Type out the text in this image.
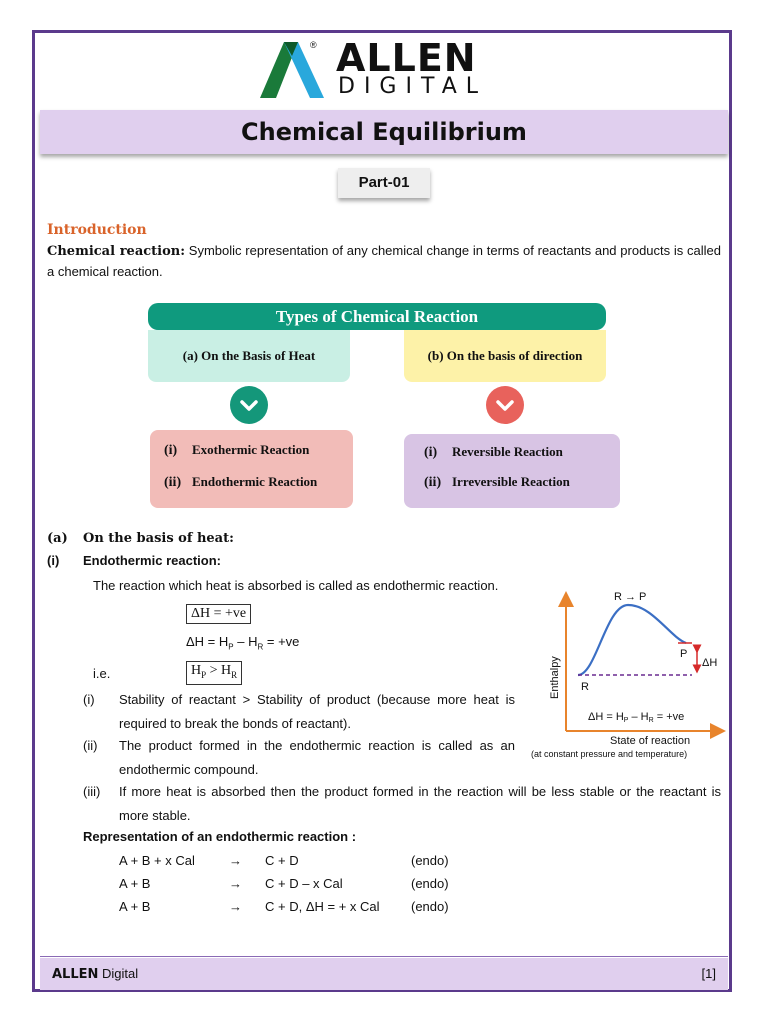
® ALLEN
DIGITAL
Chemical Equilibrium
Part-01
Introduction
Chemical reaction: Symbolic representation of any chemical change in terms of reactants and products is called a chemical reaction.
Types of Chemical Reaction
(a) On the Basis of Heat	(b) On the basis of direction
(i) Exothermic Reaction
(ii) Endothermic Reaction
(i) Reversible Reaction
(ii) Irreversible Reaction
(a) On the basis of heat:
(i) Endothermic reaction:
The reaction which heat is absorbed is called as endothermic reaction.
ΔH = +ve
$\Delta H = H_P - H_R = +ve$
i.e.	$H_P > H_R$
(i) Stability of reactant > Stability of product (because more heat is required to break the bonds of reactant).
(ii) The product formed in the endothermic reaction is called as an endothermic compound.
(iii) If more heat is absorbed then the product formed in the reaction will be less stable or the reactant is more stable.
Representation of an endothermic reaction :
A + B + x Cal	→ C + D	(endo)
A + B	→ C + D – x Cal	(endo)
A + B	→ C + D, ΔH = + x Cal (endo)
Enthalpy
R → P
R
P
ΔH
ΔH = HP – HR = +ve
State of reaction
(at constant pressure and temperature)
ALLEN Digital	[1]
